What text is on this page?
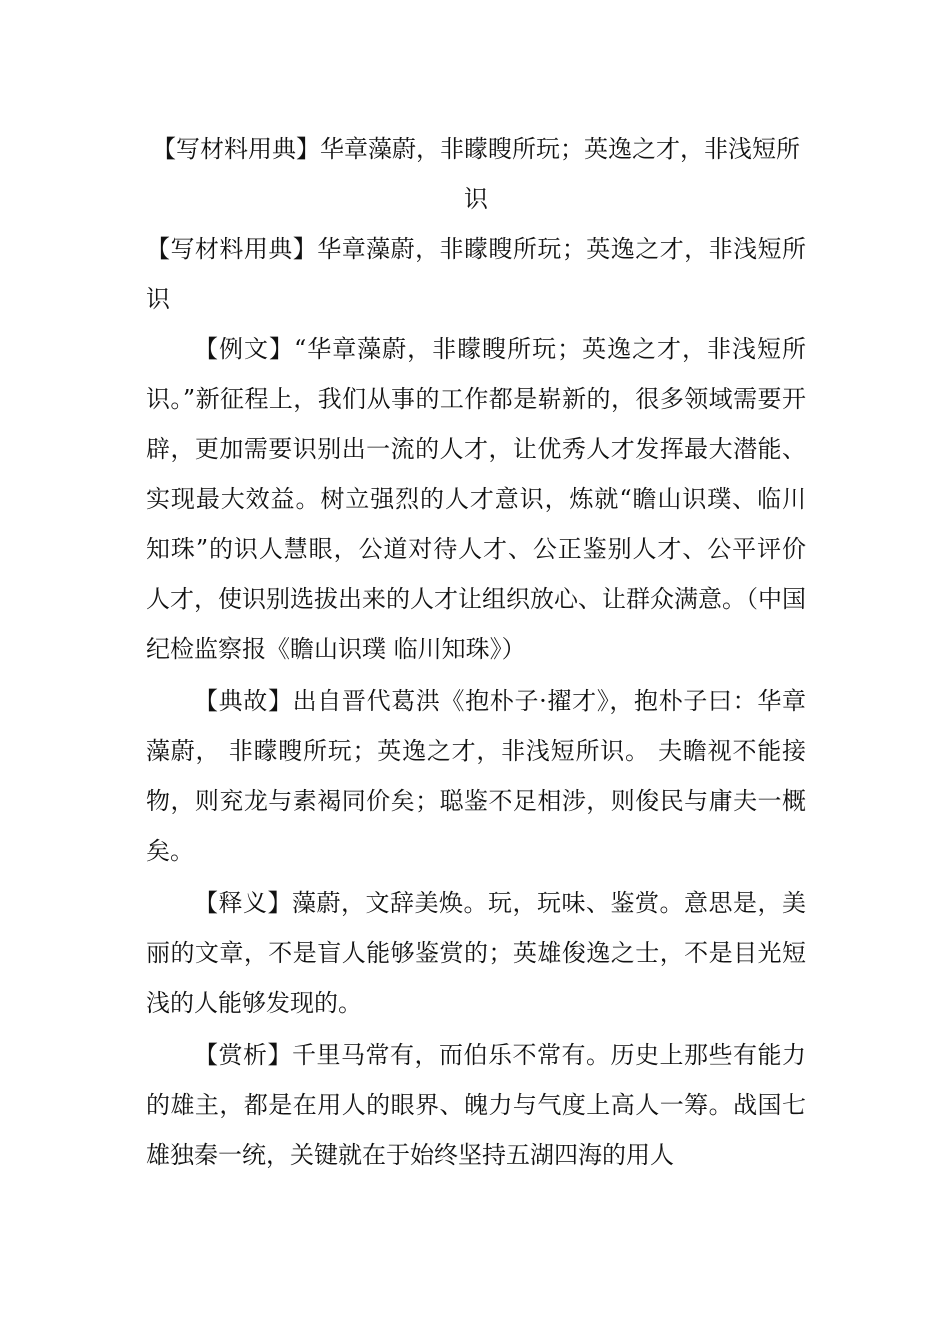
【写材料用典】华章藻蔚，非矇瞍所玩；英逸之才，非浅短所识

【写材料用典】华章藻蔚，非矇瞍所玩；英逸之才，非浅短所识

【例文】“华章藻蔚，非矇瞍所玩；英逸之才，非浅短所识。”新征程上，我们从事的工作都是崭新的，很多领域需要开辟，更加需要识别出一流的人才，让优秀人才发挥最大潜能、实现最大效益。树立强烈的人才意识，炼就“瞻山识璞、临川知珠”的识人慧眼，公道对待人才、公正鉴别人才、公平评价人才，使识别选拔出来的人才让组织放心、让群众满意。（中国纪检监察报《瞻山识璞 临川知珠》）

【典故】出自晋代葛洪《抱朴子·擢才》，抱朴子曰：华章藻蔚， 非矇瞍所玩；英逸之才，非浅短所识。 夫瞻视不能接物，则兖龙与素褐同价矣；聪鉴不足相涉，则俊民与庸夫一概矣。

【释义】藻蔚，文辞美焕。玩，玩味、鉴赏。意思是，美丽的文章，不是盲人能够鉴赏的；英雄俊逸之士，不是目光短浅的人能够发现的。

【赏析】千里马常有，而伯乐不常有。历史上那些有能力的雄主，都是在用人的眼界、魄力与气度上高人一筹。战国七雄独秦一统，关键就在于始终坚持五湖四海的用人
